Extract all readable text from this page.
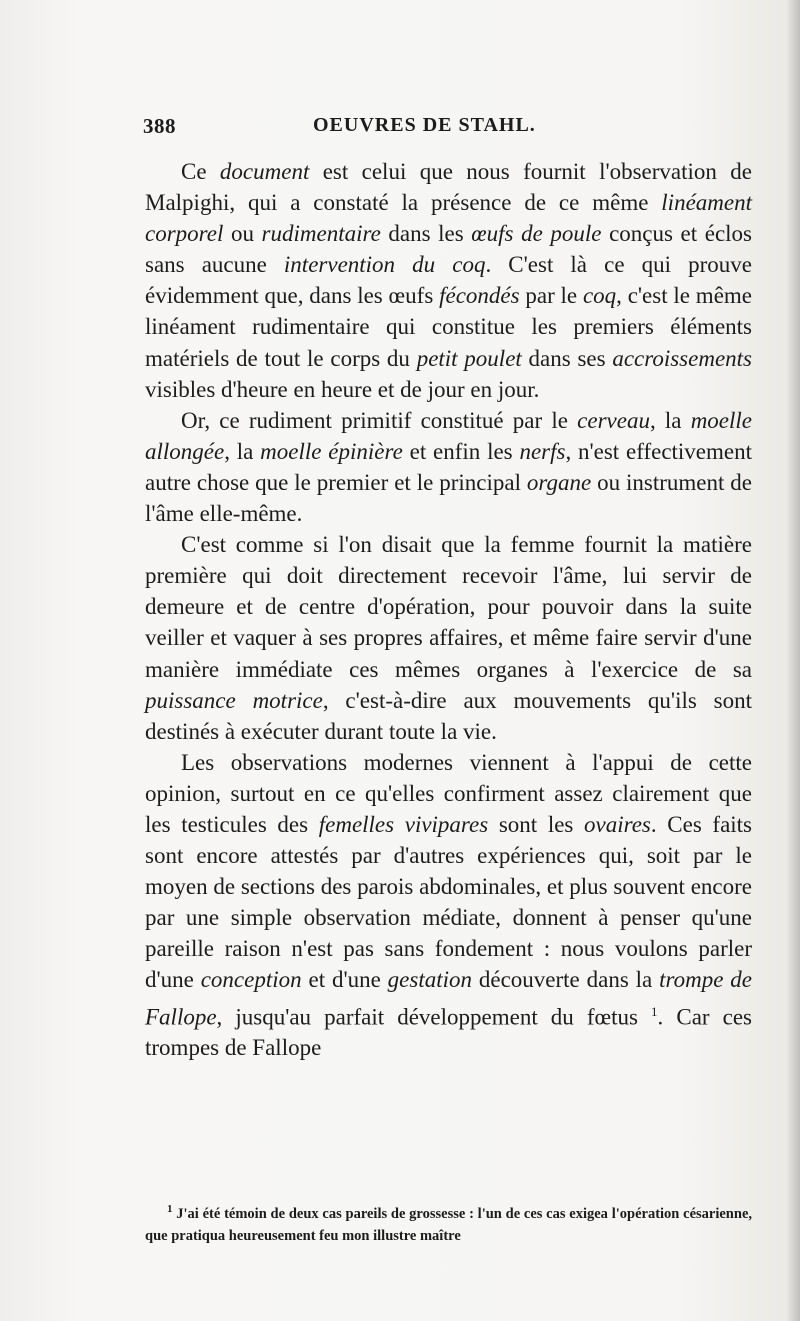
388	OEUVRES DE STAHL.

Ce document est celui que nous fournit l'observation de Malpighi, qui a constaté la présence de ce même linéament corporel ou rudimentaire dans les œufs de poule conçus et éclos sans aucune intervention du coq. C'est là ce qui prouve évidemment que, dans les œufs fécondés par le coq, c'est le même linéament rudimentaire qui constitue les premiers éléments matériels de tout le corps du petit poulet dans ses accroissements visibles d'heure en heure et de jour en jour.

Or, ce rudiment primitif constitué par le cerveau, la moelle allongée, la moelle épinière et enfin les nerfs, n'est effectivement autre chose que le premier et le principal organe ou instrument de l'âme elle-même.

C'est comme si l'on disait que la femme fournit la matière première qui doit directement recevoir l'âme, lui servir de demeure et de centre d'opération, pour pouvoir dans la suite veiller et vaquer à ses propres affaires, et même faire servir d'une manière immédiate ces mêmes organes à l'exercice de sa puissance motrice, c'est-à-dire aux mouvements qu'ils sont destinés à exécuter durant toute la vie.

Les observations modernes viennent à l'appui de cette opinion, surtout en ce qu'elles confirment assez clairement que les testicules des femelles vivipares sont les ovaires. Ces faits sont encore attestés par d'autres expériences qui, soit par le moyen de sections des parois abdominales, et plus souvent encore par une simple observation médiate, donnent à penser qu'une pareille raison n'est pas sans fondement : nous voulons parler d'une conception et d'une gestation découverte dans la trompe de Fallope, jusqu'au parfait développement du fœtus $^1$. Car ces trompes de Fallope

$^1$ J'ai été témoin de deux cas pareils de grossesse : l'un de ces cas exigea l'opération césarienne, que pratiqua heureusement feu mon illustre maître
